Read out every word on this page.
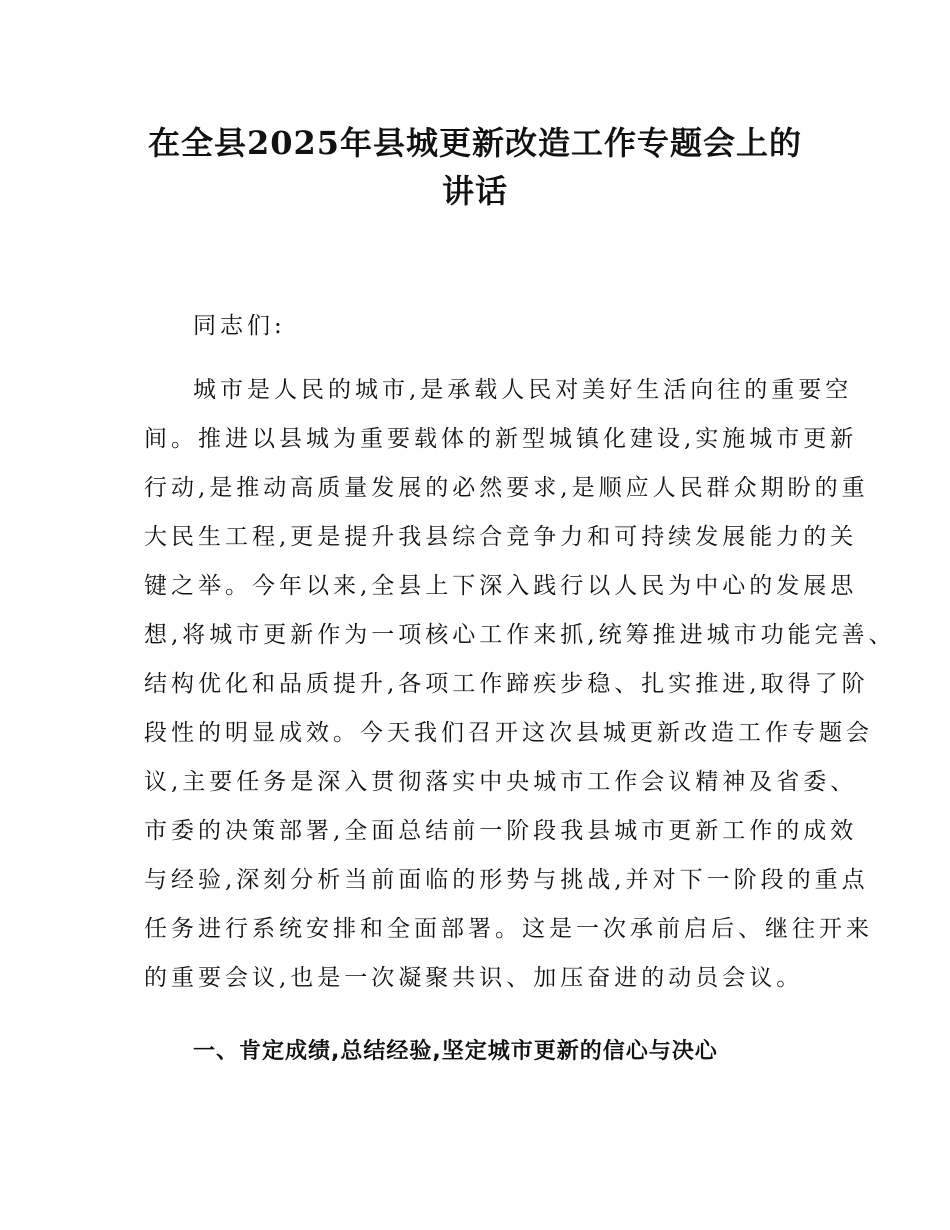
在全县2025年县城更新改造工作专题会上的
讲话
同志们:
城市是人民的城市,是承载人民对美好生活向往的重要空
间。推进以县城为重要载体的新型城镇化建设,实施城市更新
行动,是推动高质量发展的必然要求,是顺应人民群众期盼的重
大民生工程,更是提升我县综合竞争力和可持续发展能力的关
键之举。今年以来,全县上下深入践行以人民为中心的发展思
想,将城市更新作为一项核心工作来抓,统筹推进城市功能完善、
结构优化和品质提升,各项工作蹄疾步稳、扎实推进,取得了阶
段性的明显成效。今天我们召开这次县城更新改造工作专题会
议,主要任务是深入贯彻落实中央城市工作会议精神及省委、
市委的决策部署,全面总结前一阶段我县城市更新工作的成效
与经验,深刻分析当前面临的形势与挑战,并对下一阶段的重点
任务进行系统安排和全面部署。这是一次承前启后、继往开来
的重要会议,也是一次凝聚共识、加压奋进的动员会议。
一、肯定成绩,总结经验,坚定城市更新的信心与决心
